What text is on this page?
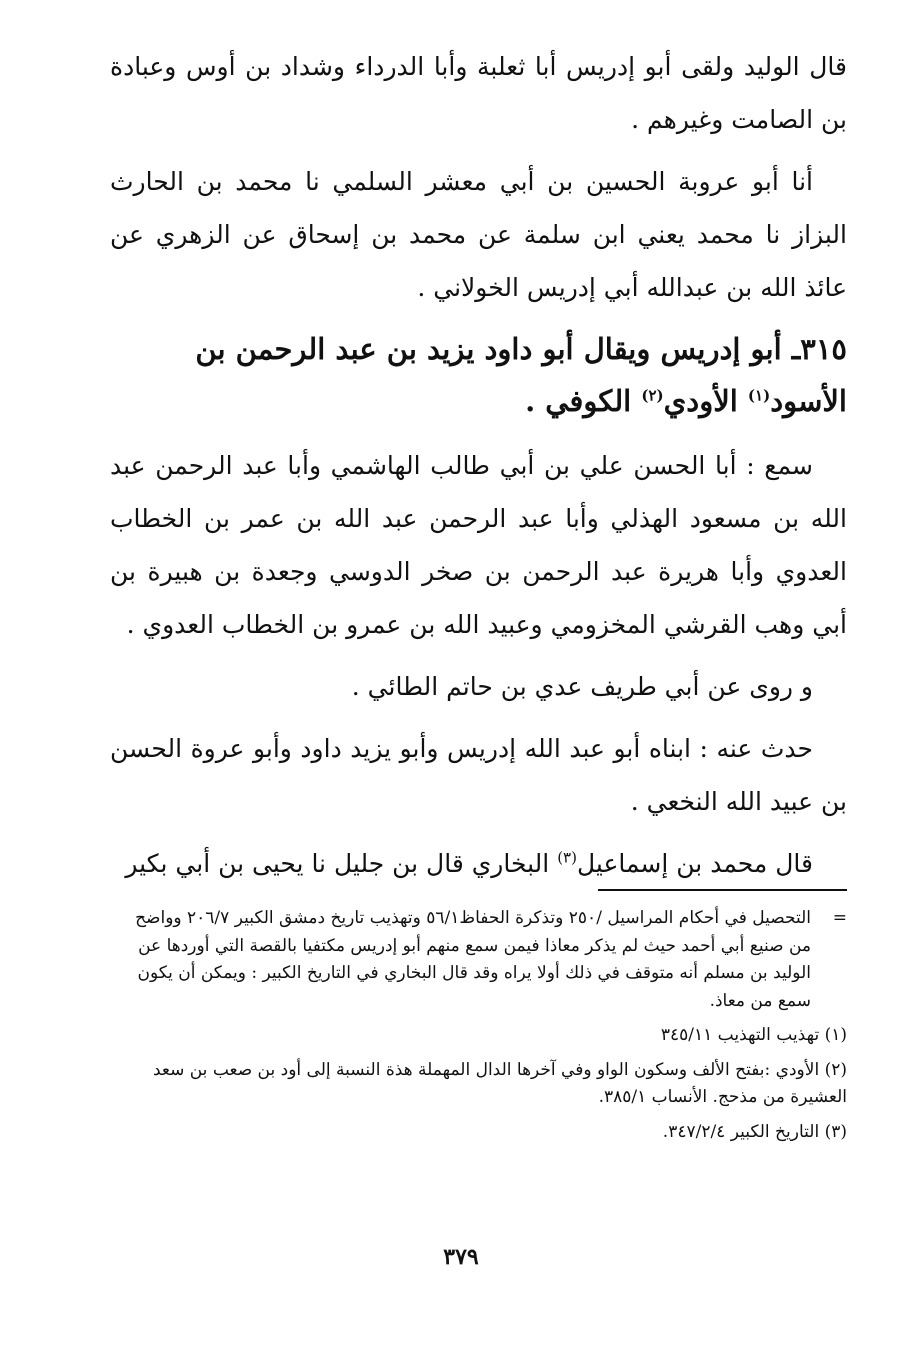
قال الوليد ولقى أبو إدريس أبا ثعلبة وأبا الدرداء وشداد بن أوس وعبادة بن الصامت وغيرهم .

أنا أبو عروبة الحسين بن أبي معشر السلمي نا محمد بن الحارث البزاز نا محمد يعني ابن سلمة عن محمد بن إسحاق عن الزهري عن عائذ الله بن عبدالله أبي إدريس الخولاني .

٣١٥ـ أبو إدريس ويقال أبو داود يزيد بن عبد الرحمن بن الأسود$^{(١)}$ الأودي$^{(٢)}$ الكوفي .

سمع : أبا الحسن علي بن أبي طالب الهاشمي وأبا عبد الرحمن عبد الله بن مسعود الهذلي وأبا عبد الرحمن عبد الله بن عمر بن الخطاب العدوي وأبا هريرة عبد الرحمن بن صخر الدوسي وجعدة بن هبيرة بن أبي وهب القرشي المخزومي وعبيد الله بن عمرو بن الخطاب العدوي .

و روى عن أبي طريف عدي بن حاتم الطائي .

حدث عنه : ابناه أبو عبد الله إدريس وأبو يزيد داود وأبو عروة الحسن بن عبيد الله النخعي .

قال محمد بن إسماعيل$^{(٣)}$ البخاري قال بن جليل نا يحيى بن أبي بكير

=
التحصيل في أحكام المراسيل /٢٥٠ وتذكرة الحفاظ٥٦/١ وتهذيب تاريخ دمشق الكبير ٢٠٦/٧ وواضح من صنيع أبي أحمد حيث لم يذكر معاذا فيمن سمع منهم أبو إدريس مكتفيا بالقصة التي أوردها عن الوليد بن مسلم أنه متوقف في ذلك أولا يراه وقد قال البخاري في التاريخ الكبير : ويمكن أن يكون سمع من معاذ.
(١) تهذيب التهذيب ٣٤٥/١١
(٢) الأودي :بفتح الألف وسكون الواو وفي آخرها الدال المهملة هذة النسبة إلى أود بن صعب بن سعد العشيرة من مذحج. الأنساب ٣٨٥/١.
(٣) التاريخ الكبير ٣٤٧/٢/٤.
٣٧٩
